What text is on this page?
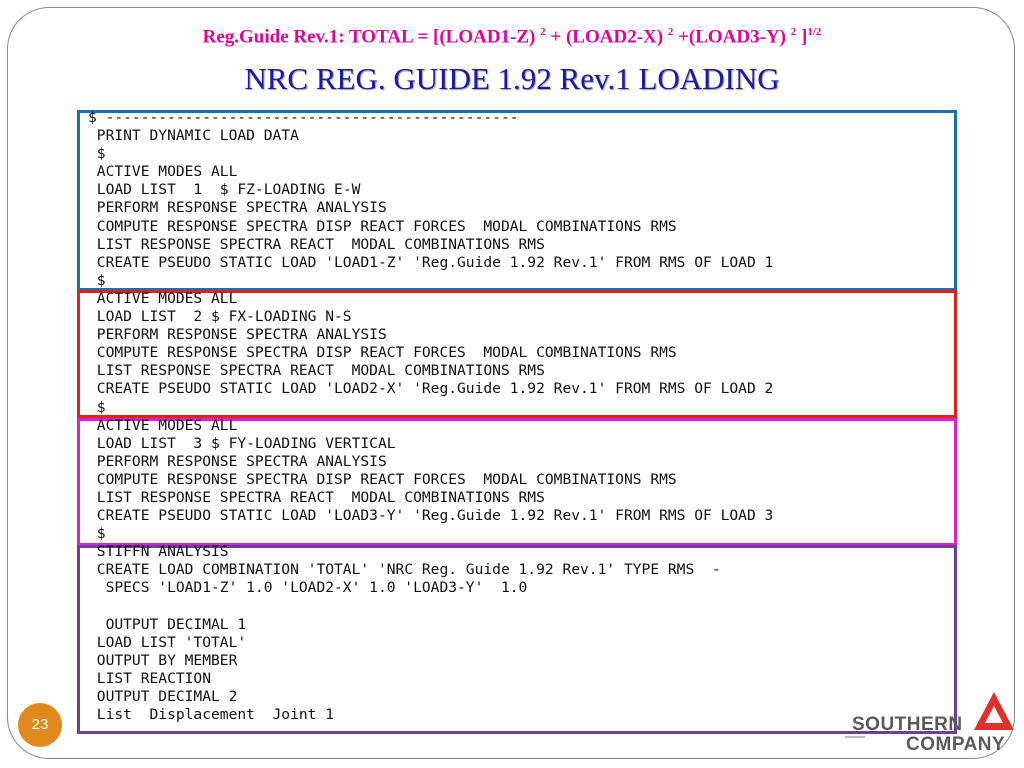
Reg.Guide Rev.1: TOTAL = [(LOAD1-Z) $^2$ + (LOAD2-X) $^2$ +(LOAD3-Y) $^2$ ]$^{1/2}$
NRC REG. GUIDE 1.92 Rev.1 LOADING
$ -----------------------------------------------
PRINT DYNAMIC LOAD DATA
$
ACTIVE MODES ALL
LOAD LIST  1  $ FZ-LOADING E-W
PERFORM RESPONSE SPECTRA ANALYSIS
COMPUTE RESPONSE SPECTRA DISP REACT FORCES  MODAL COMBINATIONS RMS
LIST RESPONSE SPECTRA REACT  MODAL COMBINATIONS RMS
CREATE PSEUDO STATIC LOAD 'LOAD1-Z' 'Reg.Guide 1.92 Rev.1' FROM RMS OF LOAD 1
$
ACTIVE MODES ALL
LOAD LIST  2 $ FX-LOADING N-S
PERFORM RESPONSE SPECTRA ANALYSIS
COMPUTE RESPONSE SPECTRA DISP REACT FORCES  MODAL COMBINATIONS RMS
LIST RESPONSE SPECTRA REACT  MODAL COMBINATIONS RMS
CREATE PSEUDO STATIC LOAD 'LOAD2-X' 'Reg.Guide 1.92 Rev.1' FROM RMS OF LOAD 2
$
ACTIVE MODES ALL
LOAD LIST  3 $ FY-LOADING VERTICAL
PERFORM RESPONSE SPECTRA ANALYSIS
COMPUTE RESPONSE SPECTRA DISP REACT FORCES  MODAL COMBINATIONS RMS
LIST RESPONSE SPECTRA REACT  MODAL COMBINATIONS RMS
CREATE PSEUDO STATIC LOAD 'LOAD3-Y' 'Reg.Guide 1.92 Rev.1' FROM RMS OF LOAD 3
$
STIFFN ANALYSIS
CREATE LOAD COMBINATION 'TOTAL' 'NRC Reg. Guide 1.92 Rev.1' TYPE RMS  -
SPECS 'LOAD1-Z' 1.0 'LOAD2-X' 1.0 'LOAD3-Y'  1.0
OUTPUT DECIMAL 1
LOAD LIST 'TOTAL'
OUTPUT BY MEMBER
LIST REACTION
OUTPUT DECIMAL 2
List  Displacement  Joint 1
23	SOUTHERN
COMPANY
